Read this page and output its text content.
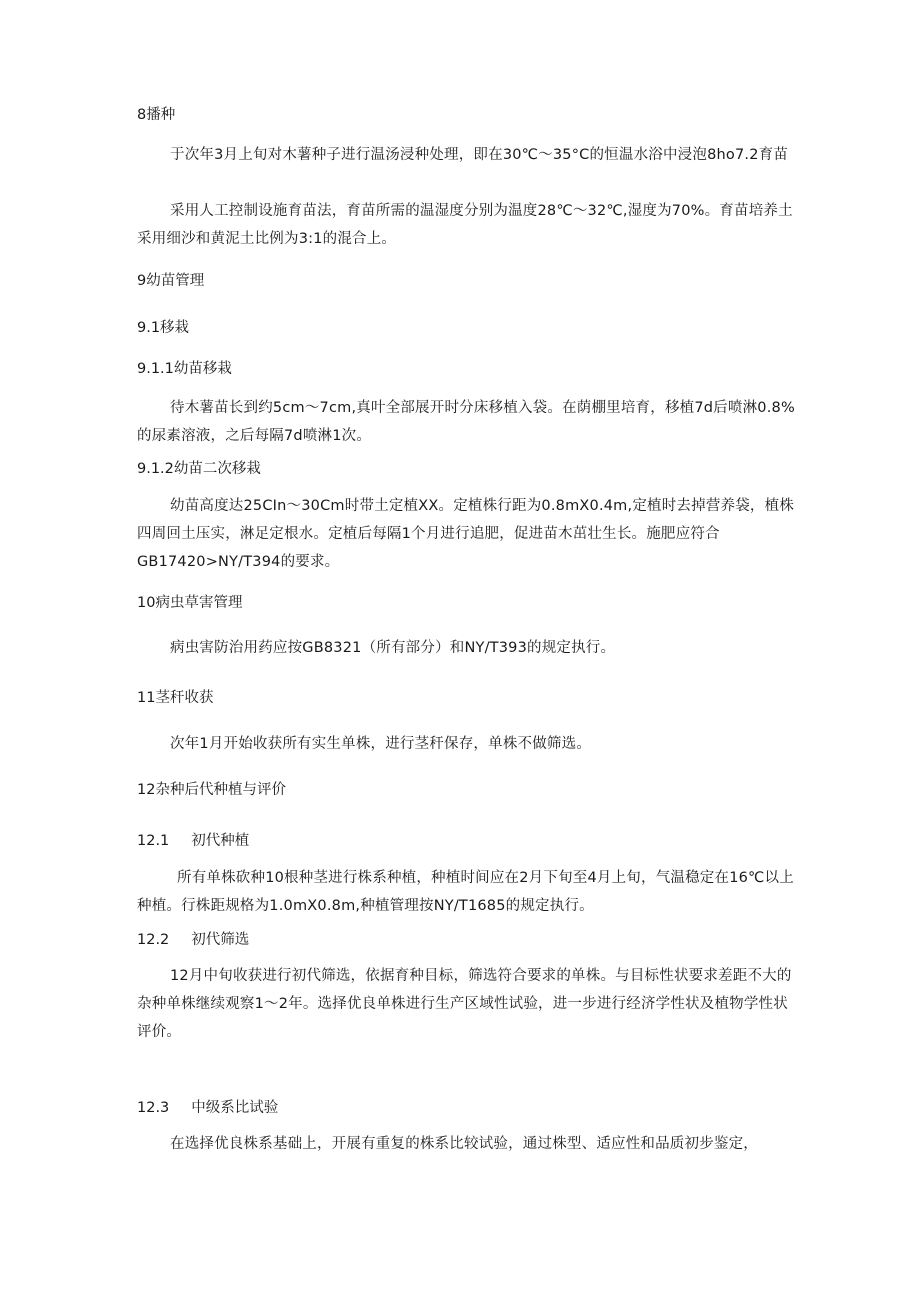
8播种
于次年3月上旬对木薯种子进行温汤浸种处理，即在30℃～35°C的恒温水浴中浸泡8ho7.2育苗
采用人工控制设施育苗法，育苗所需的温湿度分别为温度28℃～32℃,湿度为70%。育苗培养土采用细沙和黄泥土比例为3:1的混合上。
9幼苗管理
9.1移栽
9.1.1幼苗移栽
待木薯苗长到约5cm～7cm,真叶全部展开时分床移植入袋。在荫棚里培育，移植7d后喷淋0.8%的尿素溶液，之后每隔7d喷淋1次。
9.1.2幼苗二次移栽
幼苗高度达25CIn～30Cm时带土定植XX。定植株行距为0.8mX0.4m,定植时去掉营养袋，植株四周回土压实，淋足定根水。定植后每隔1个月进行追肥，促进苗木茁壮生长。施肥应符合GB17420>NY/T394的要求。
10病虫草害管理
病虫害防治用药应按GB8321（所有部分）和NY/T393的规定执行。
11茎秆收获
次年1月开始收获所有实生单株，进行茎秆保存，单株不做筛选。
12杂种后代种植与评价
12.1 初代种植
所有单株砍种10根种茎进行株系种植，种植时间应在2月下旬至4月上旬，气温稳定在16℃以上种植。行株距规格为1.0mX0.8m,种植管理按NY/T1685的规定执行。
12.2 初代筛选
12月中旬收获进行初代筛选，依据育种目标，筛选符合要求的单株。与目标性状要求差距不大的杂种单株继续观察1～2年。选择优良单株进行生产区域性试验，进一步进行经济学性状及植物学性状评价。
12.3 中级系比试验
在选择优良株系基础上，开展有重复的株系比较试验，通过株型、适应性和品质初步鉴定，
